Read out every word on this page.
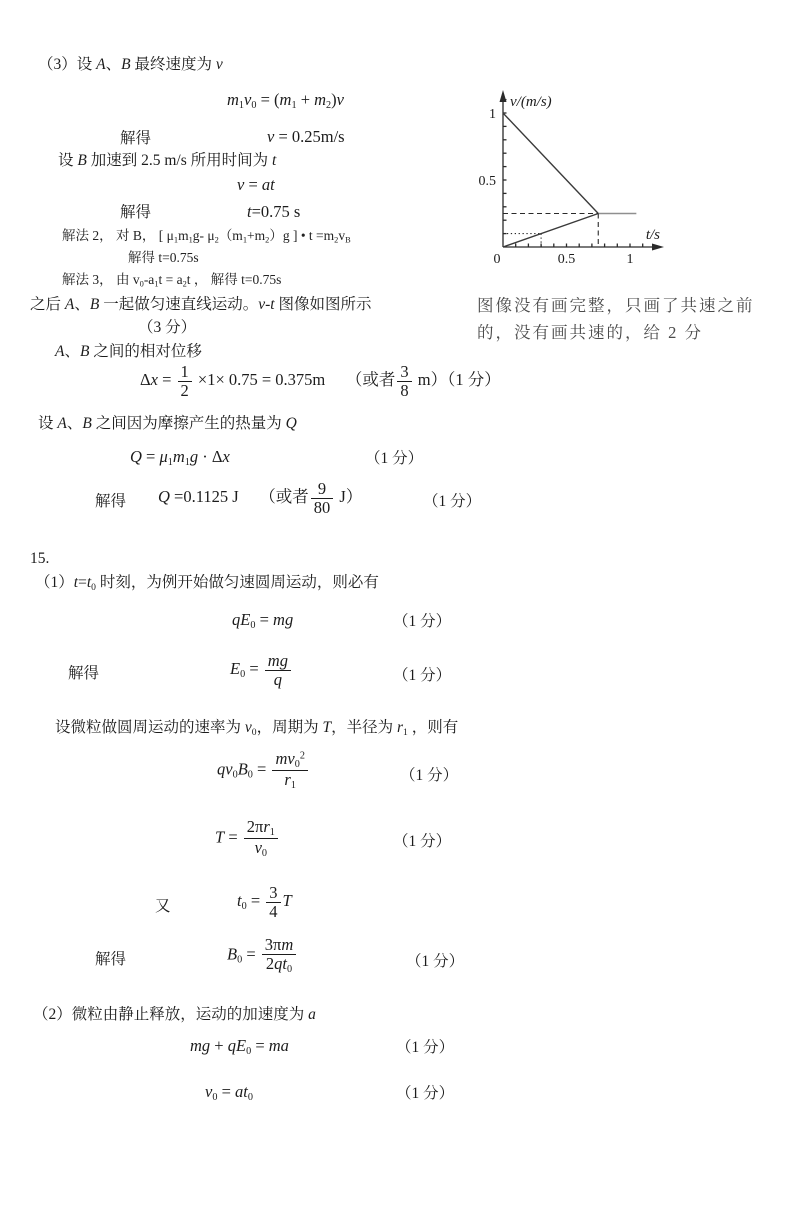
（3）设 A、B 最终速度为 v
m1v0 = (m1 + m2)v
解得	v = 0.25m/s
设 B 加速到 2.5 m/s 所用时间为 t
v = at
解得	t=0.75 s
解法 2， 对 B， [ μ1m1g- μ2（m1+m2）g ] • t =m2vB
解得 t=0.75s
解法 3， 由 v0-a1t = a2t ， 解得 t=0.75s
之后 A、B 一起做匀速直线运动。v-t 图像如图所示
（3 分）
A、B 之间的相对位移
$\Delta x = \frac{1}{2} \times 1\times 0.75 = 0.375m$　 （或者 $\frac{3}{8} m)(1$ 分）
设 A、B 之间因为摩擦产生的热量为 Q
Q = μ1m1g · Δx	（1 分）
解得 Q =0.1125 J　 （或者 $\frac{9}{80} J$）	（1 分）
0	0.5	1
0.5
1
v/(m/s)
t/s
图像没有画完整，只画了共速之前
的，没有画共速的，给 2 分
15.
（1）t=t0 时刻，为例开始做匀速圆周运动，则必有
qE0 = mg	（1 分）
解得	$E0 = \frac{mg}{q}$	（1 分）
设微粒做圆周运动的速率为 v0，周期为 T，半径为 r1 ，则有
$qv0B0 = \frac{mv0^2}{r1}$	（1 分）
$T = \frac{2\pi r1}{v0}$	（1 分）
又	$t0 = \frac{3}{4}$ T
解得	$B0 = \frac{3\pi m}{2qt0}$	（1 分）
（2）微粒由静止释放，运动的加速度为 a
mg + qE0 = ma	（1 分）
v0 = at0	（1 分）
